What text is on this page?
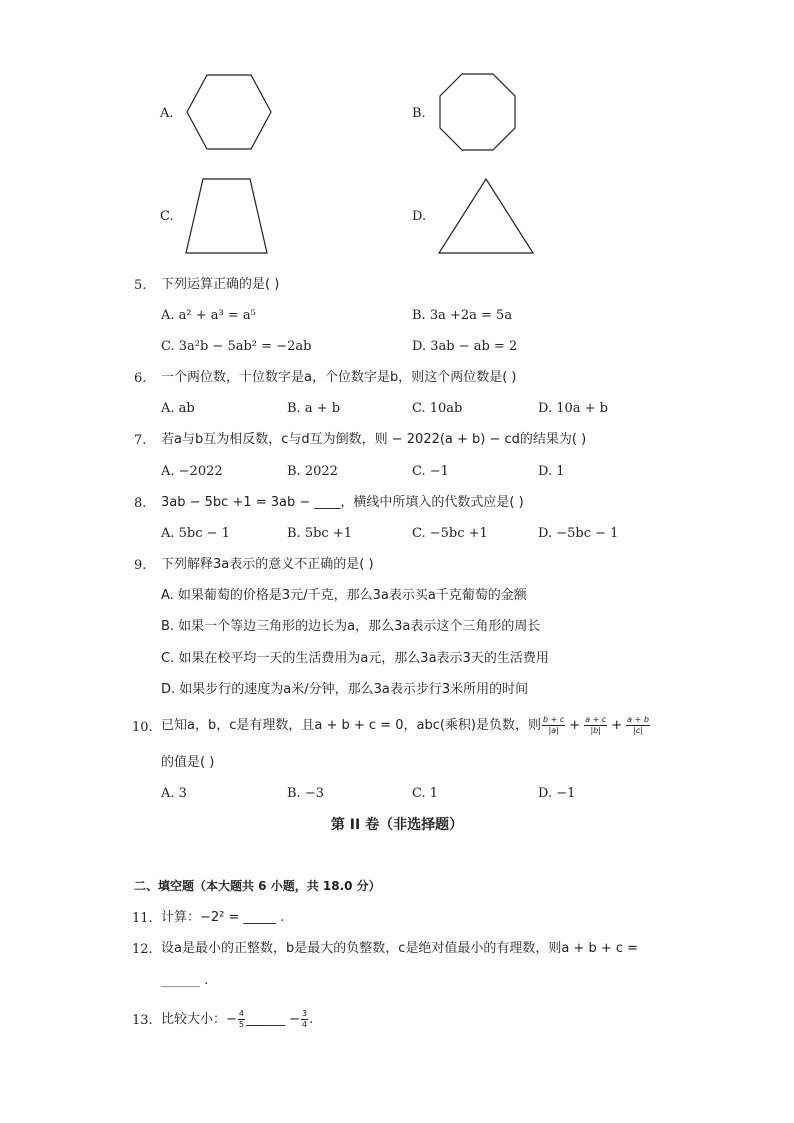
A.	B.
C.	D.
5. 下列运算正确的是( )
A. a² + a³ = a⁵	B. 3a +2a = 5a
C. 3a²b − 5ab² = −2ab	D. 3ab − ab = 2
6. 一个两位数，十位数字是a，个位数字是b，则这个两位数是( )
A. ab	B. a + b	C. 10ab	D. 10a + b
7. 若a与b互为相反数，c与d互为倒数，则 − 2022(a + b) − cd的结果为( )
A. −2022	B. 2022	C. −1	D. 1
8. 3ab − 5bc +1 = 3ab − ____，横线中所填入的代数式应是( )
A. 5bc − 1	B. 5bc +1	C. −5bc +1	D. −5bc − 1
9. 下列解释3a表示的意义不正确的是( )
A. 如果葡萄的价格是3元/千克，那么3a表示买a千克葡萄的金额
B. 如果一个等边三角形的边长为a，那么3a表示这个三角形的周长
C. 如果在校平均一天的生活费用为a元，那么3a表示3天的生活费用
D. 如果步行的速度为a米/分钟，那么3a表示步行3米所用的时间
10. 已知a，b，c是有理数，且a + b + c = 0，abc(乘积)是负数，则 $\frac{b + c}{|a|} + \frac{a + c}{|b|} + \frac{a + b}{|c|}$
的值是( )
A. 3	B. −3	C. 1	D. −1
第 II 卷（非选择题）
二、填空题（本大题共 6 小题，共 18.0 分）
11. 计算：−2² = _____ .
12. 设a是最小的正整数，b是最大的负整数，c是绝对值最小的有理数，则a + b + c =
______ .
13. 比较大小：− $\frac{4}{5}$ ______ − $\frac{3}{4}$ .
